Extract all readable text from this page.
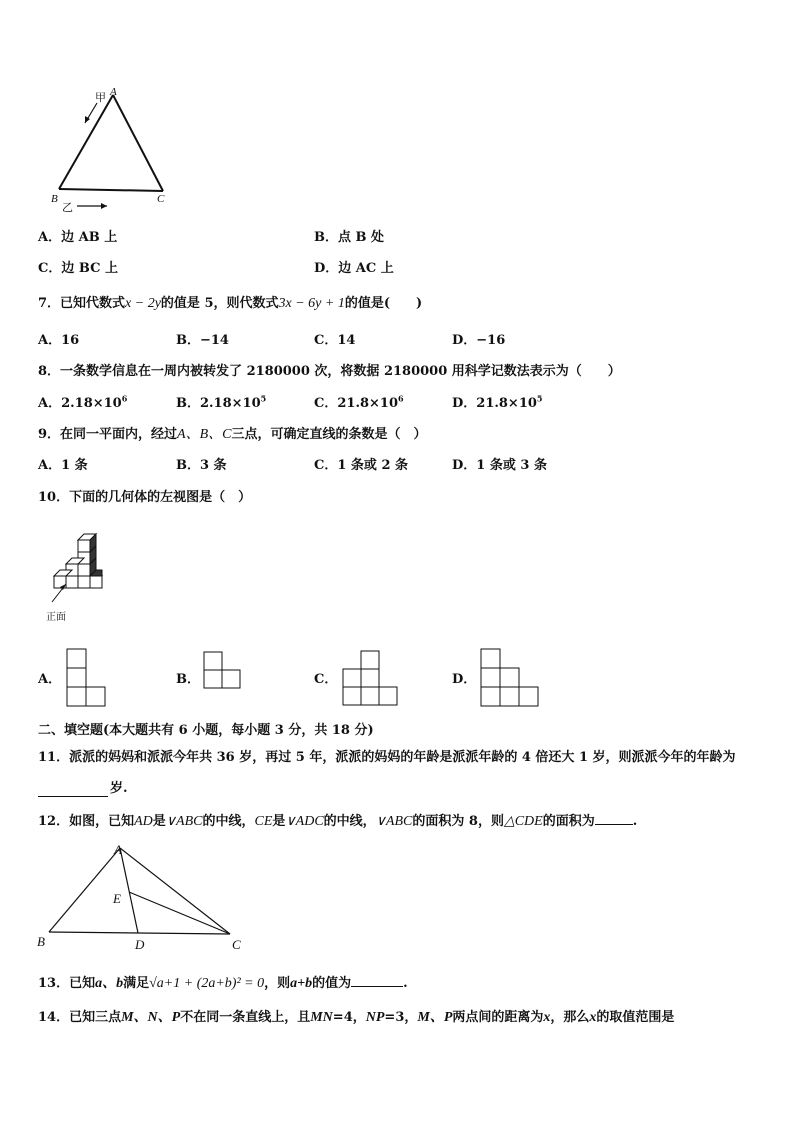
甲 A
B	C
乙
A．边 AB 上	B．点 B 处
C．边 BC 上	D．边 AC 上
7．已知代数式x − 2y的值是 5，则代数式3x − 6y + 1的值是(　　)
A．16	B．−14	C．14	D．−16
8．一条数学信息在一周内被转发了 2180000 次，将数据 2180000 用科学记数法表示为（　　）
A．$2.18\times 10^6$	B．$2.18\times 10^5$	C．$21.8\times 10^6$	D．$21.8\times 10^5$
9．在同一平面内，经过A、B、C三点，可确定直线的条数是（　）
A．1 条	B．3 条	C．1 条或 2 条	D．1 条或 3 条
10．下面的几何体的左视图是（　）
正面
A．	B．	C．	D．
二、填空题(本大题共有 6 小题，每小题 3 分，共 18 分)
11．派派的妈妈和派派今年共 36 岁，再过 5 年，派派的妈妈的年龄是派派年龄的 4 倍还大 1 岁，则派派今年的年龄为
岁.
12．如图，已知AD是∨ABC的中线，CE是∨ADC的中线，∨ABC的面积为 8，则△CDE的面积为	.
A
B	C
D
E
13．已知a、b满足√a+1 + (2a+b)² = 0，则a+b的值为	.
14．已知三点M、N、P不在同一条直线上，且MN=4，NP=3，M、P两点间的距离为x，那么x的取值范围是
